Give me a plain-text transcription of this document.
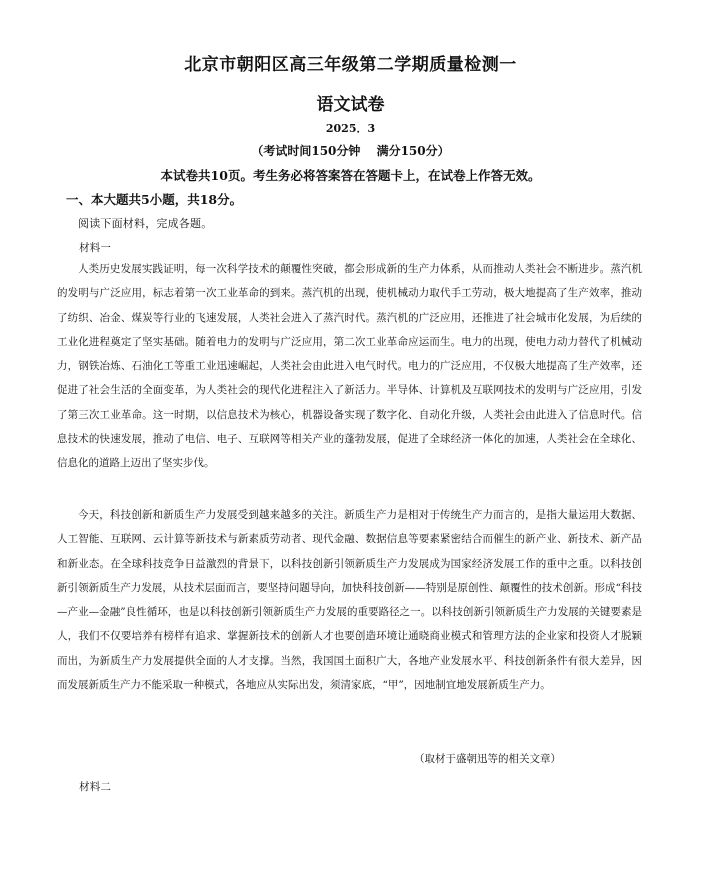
北京市朝阳区高三年级第二学期质量检测一
语文试卷
2025．3
（考试时间150分钟　 满分150分）
本试卷共10页。考生务必将答案答在答题卡上，在试卷上作答无效。
一、本大题共5小题，共18分。
阅读下面材料，完成各题。
材料一
人类历史发展实践证明，每一次科学技术的颠覆性突破，都会形成新的生产力体系，从而推动人类社会不断进步。蒸汽机的发明与广泛应用，标志着第一次工业革命的到来。蒸汽机的出现，使机械动力取代手工劳动，极大地提高了生产效率，推动了纺织、冶金、煤炭等行业的飞速发展，人类社会进入了蒸汽时代。蒸汽机的广泛应用，还推进了社会城市化发展，为后续的工业化进程奠定了坚实基础。随着电力的发明与广泛应用，第二次工业革命应运而生。电力的出现，使电力动力替代了机械动力，钢铁冶炼、石油化工等重工业迅速崛起，人类社会由此进入电气时代。电力的广泛应用，不仅极大地提高了生产效率，还促进了社会生活的全面变革，为人类社会的现代化进程注入了新活力。半导体、计算机及互联网技术的发明与广泛应用，引发了第三次工业革命。这一时期，以信息技术为核心，机器设备实现了数字化、自动化升级，人类社会由此进入了信息时代。信息技术的快速发展，推动了电信、电子、互联网等相关产业的蓬勃发展，促进了全球经济一体化的加速，人类社会在全球化、信息化的道路上迈出了坚实步伐。
今天，科技创新和新质生产力发展受到越来越多的关注。新质生产力是相对于传统生产力而言的，是指大量运用大数据、人工智能、互联网、云计算等新技术与新素质劳动者、现代金融、数据信息等要素紧密结合而催生的新产业、新技术、新产品和新业态。在全球科技竞争日益激烈的背景下，以科技创新引领新质生产力发展成为国家经济发展工作的重中之重。以科技创新引领新质生产力发展，从技术层面而言，要坚持问题导向，加快科技创新——特别是原创性、颠覆性的技术创新。形成“科技—产业—金融”良性循环，也是以科技创新引领新质生产力发展的重要路径之一。以科技创新引领新质生产力发展的关键要素是人，我们不仅要培养有榜样有追求、掌握新技术的创新人才也要创造环境让通晓商业模式和管理方法的企业家和投资人才脱颖而出，为新质生产力发展提供全面的人才支撑。当然，我国国土面积广大，各地产业发展水平、科技创新条件有很大差异，因而发展新质生产力不能采取一种模式，各地应从实际出发，须清家底，“甲”，因地制宜地发展新质生产力。
（取材于盛朝迅等的相关文章）
材料二
